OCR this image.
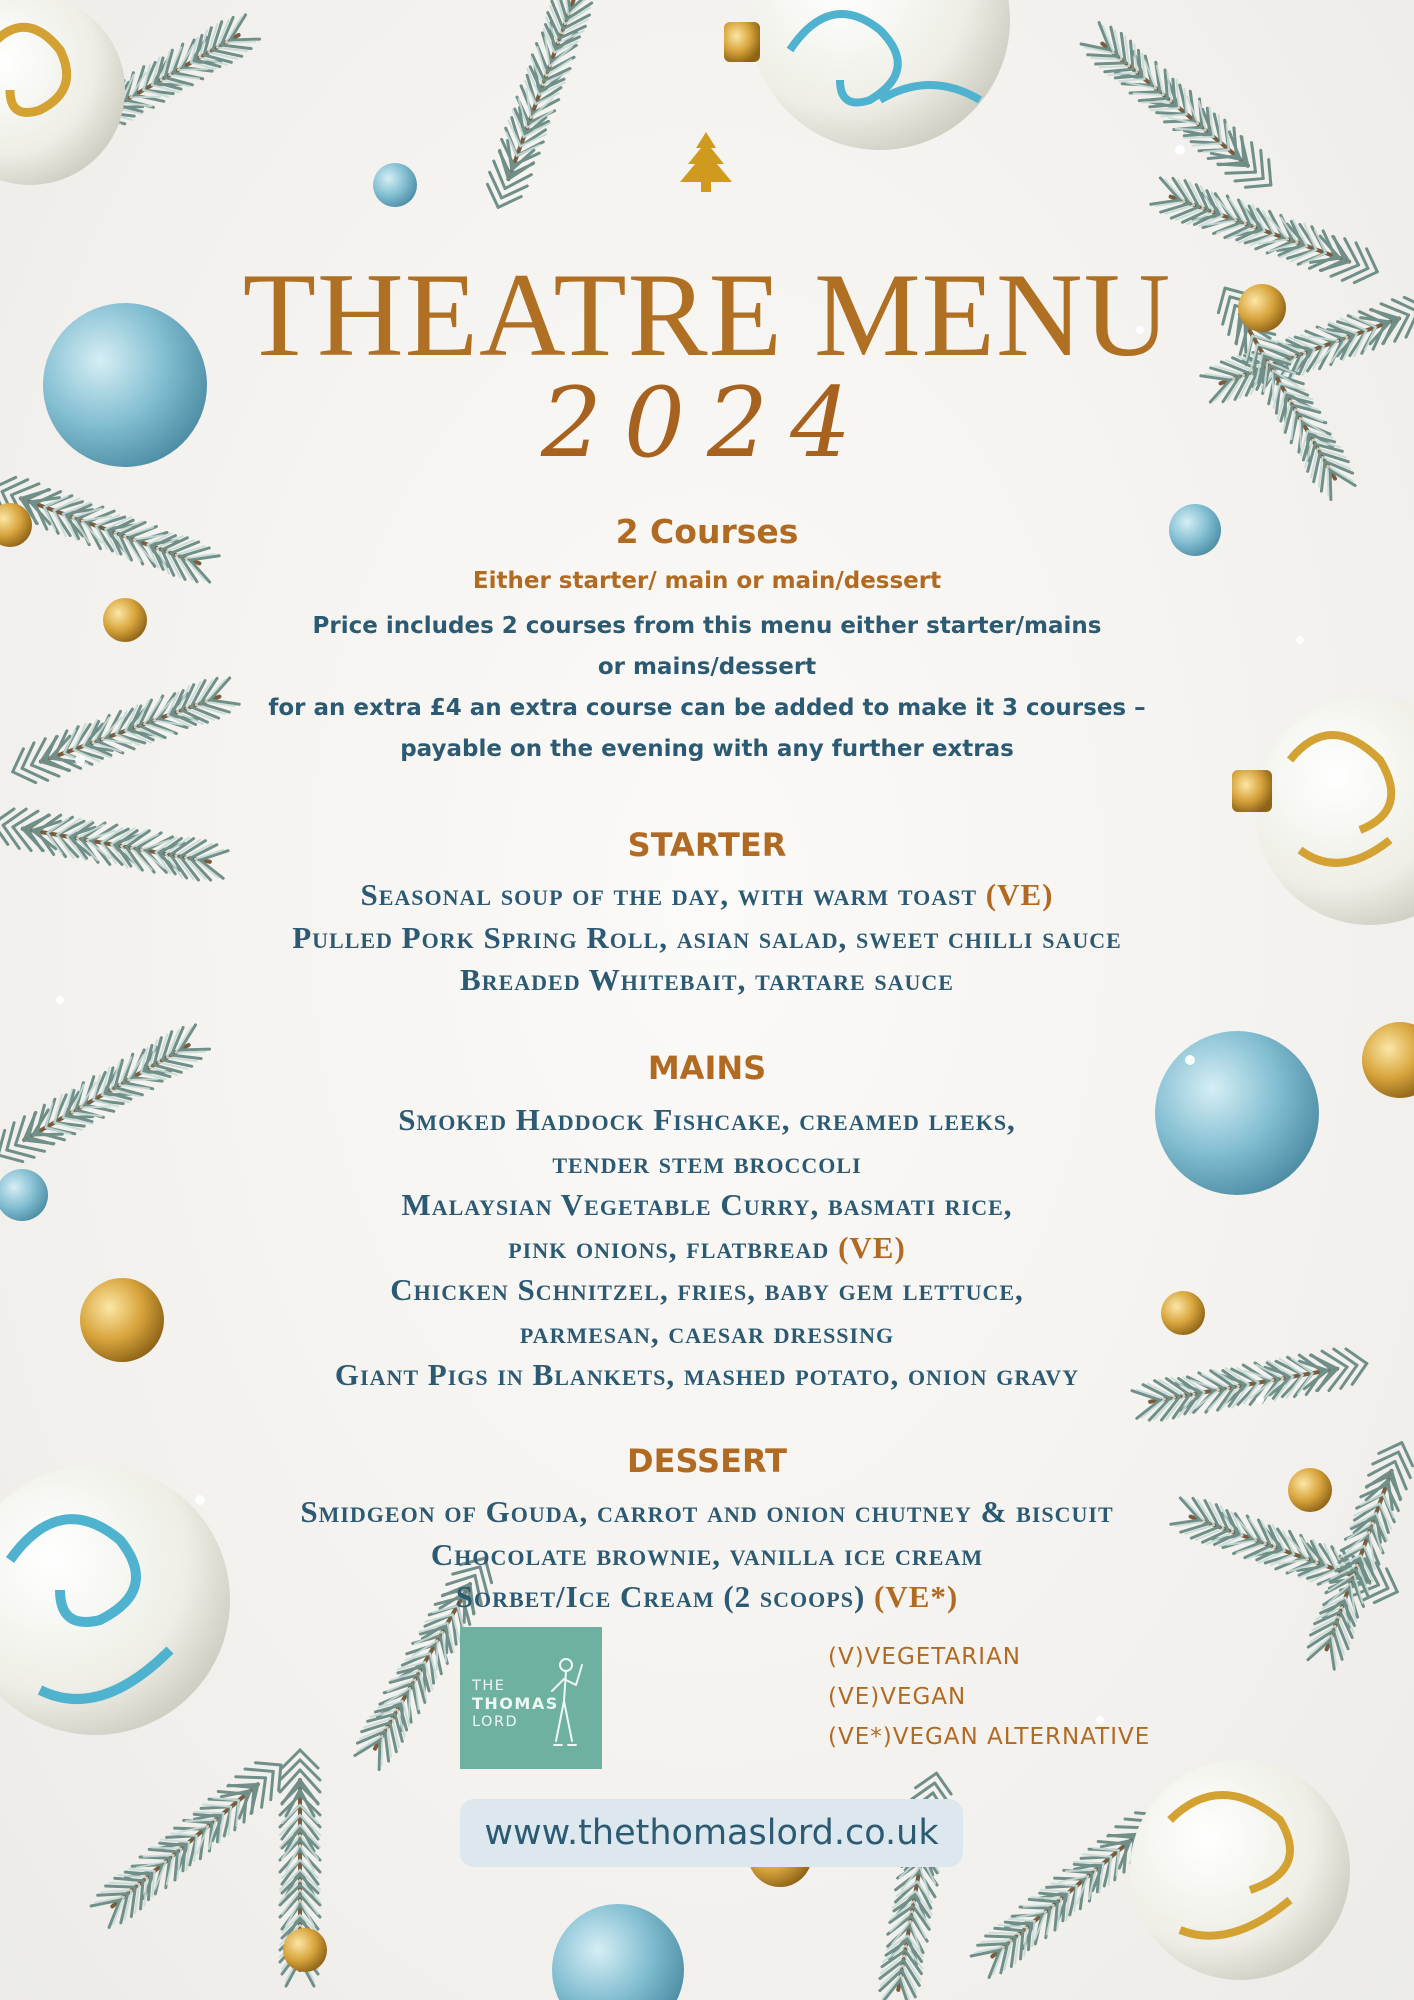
THEATRE MENU
2024
2 Courses
Either starter/ main or main/dessert
Price includes 2 courses from this menu either starter/mains
or mains/dessert
for an extra £4 an extra course can be added to make it 3 courses –
payable on the evening with any further extras
STARTER
Seasonal soup of the day, with warm toast (VE)
Pulled Pork Spring Roll, asian salad, sweet chilli sauce
Breaded Whitebait, tartare sauce
MAINS
Smoked Haddock Fishcake, creamed leeks,
tender stem broccoli
Malaysian Vegetable Curry, basmati rice,
pink onions, flatbread (VE)
Chicken Schnitzel, fries, baby gem lettuce,
parmesan, caesar dressing
Giant Pigs in Blankets, mashed potato, onion gravy
DESSERT
Smidgeon of Gouda, carrot and onion chutney & biscuit
Chocolate brownie, vanilla ice cream
Sorbet/Ice Cream (2 scoops) (VE*)
THE
THOMAS
LORD
(V)VEGETARIAN
(VE)VEGAN
(VE*)VEGAN ALTERNATIVE
www.thethomaslord.co.uk
